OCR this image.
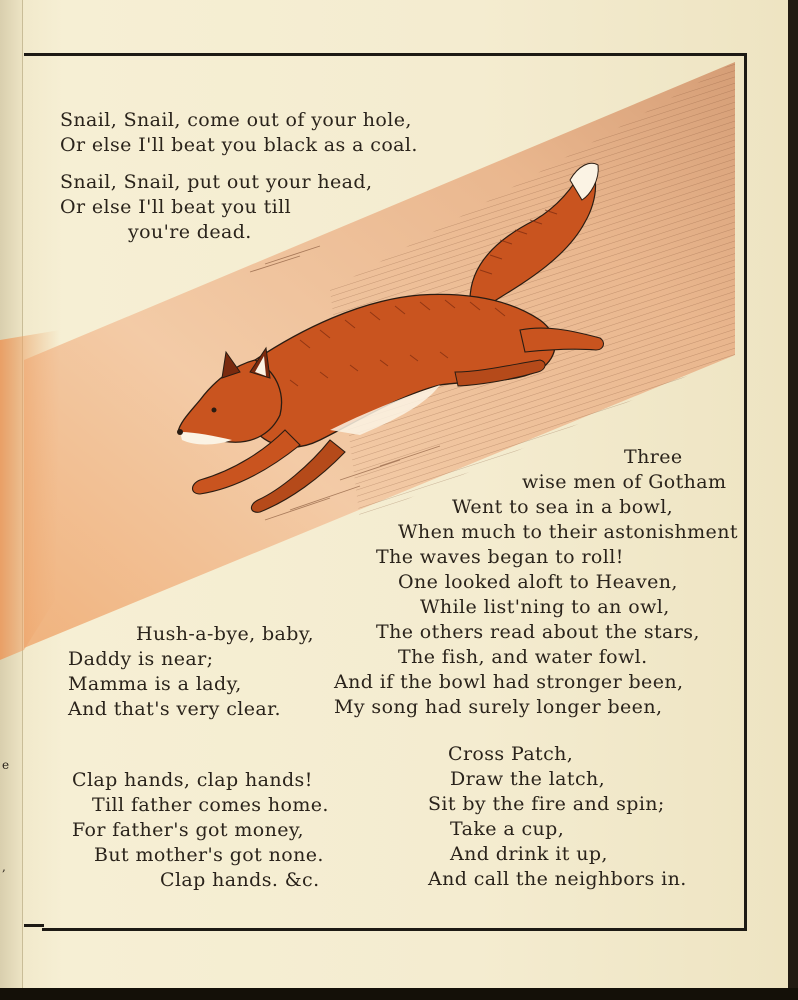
Snail, Snail, come out of your hole,
Or else I'll beat you black as a coal.
Snail, Snail, put out your head,
Or else I'll beat you till
you're dead.
Three
wise men of Gotham
Went to sea in a bowl,
When much to their astonishment
The waves began to roll!
One looked aloft to Heaven,
While list'ning to an owl,
The others read about the stars,
The fish, and water fowl.
And if the bowl had stronger been,
My song had surely longer been,
Hush-a-bye, baby,
Daddy is near;
Mamma is a lady,
And that's very clear.
Clap hands, clap hands!
Till father comes home.
For father's got money,
But mother's got none.
Clap hands. &c.
Cross Patch,
Draw the latch,
Sit by the fire and spin;
Take a cup,
And drink it up,
And call the neighbors in.
e
,
